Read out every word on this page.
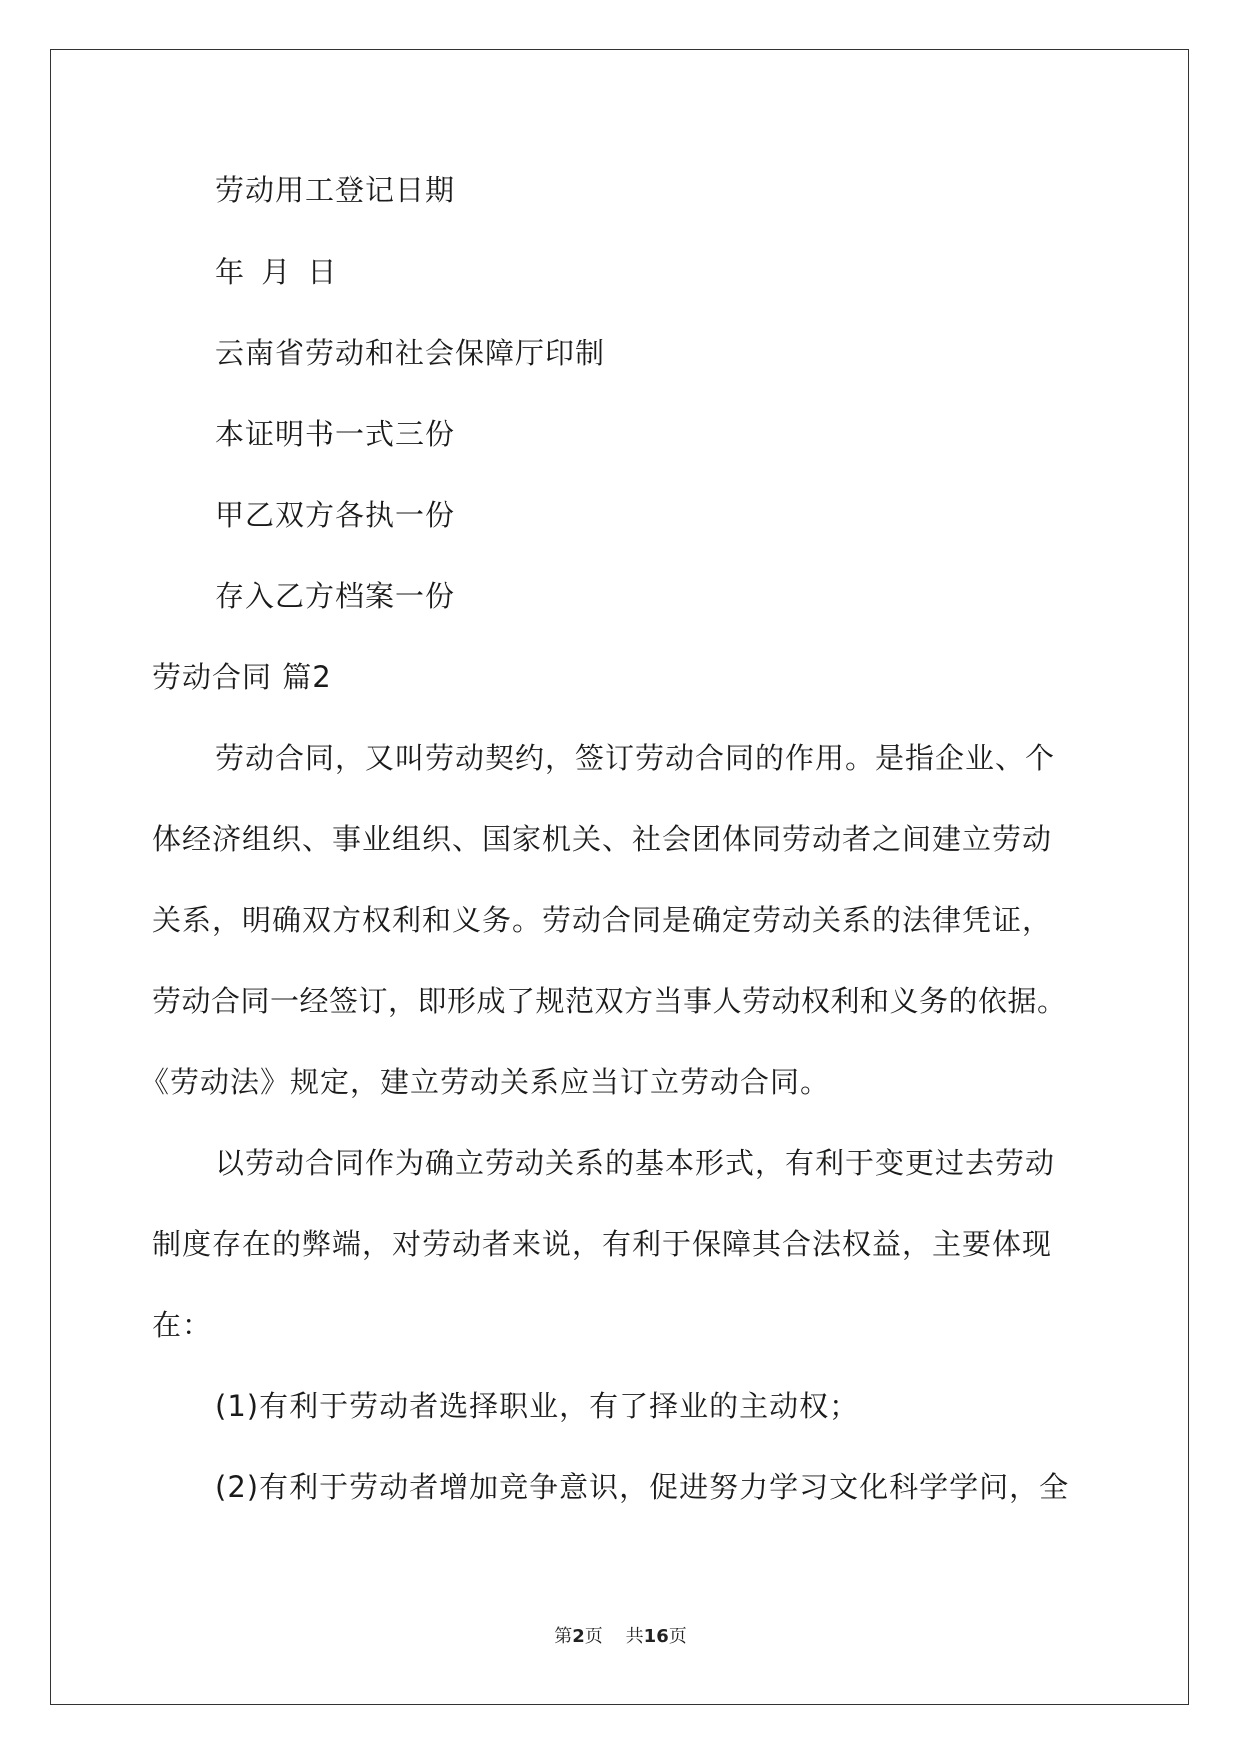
劳动用工登记日期
年 月 日
云南省劳动和社会保障厅印制
本证明书一式三份
甲乙双方各执一份
存入乙方档案一份
劳动合同 篇2
劳动合同，又叫劳动契约，签订劳动合同的作用。是指企业、个
体经济组织、事业组织、国家机关、社会团体同劳动者之间建立劳动
关系，明确双方权利和义务。劳动合同是确定劳动关系的法律凭证，
劳动合同一经签订，即形成了规范双方当事人劳动权利和义务的依据。
《劳动法》规定，建立劳动关系应当订立劳动合同。
以劳动合同作为确立劳动关系的基本形式，有利于变更过去劳动
制度存在的弊端，对劳动者来说，有利于保障其合法权益，主要体现
在：
(1)有利于劳动者选择职业，有了择业的主动权；
(2)有利于劳动者增加竞争意识，促进努力学习文化科学学问，全
第2页 共16页
